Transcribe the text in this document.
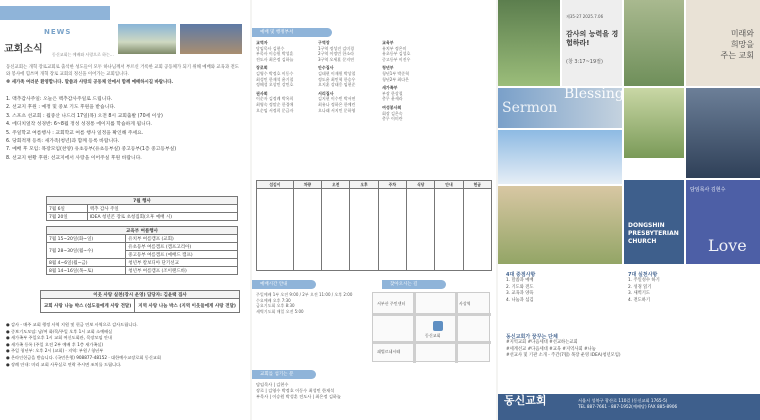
NEWS
교회소식 동신교회는 예배와 사랑으로 하는...
동신교회는 개혁 장로교회로 출석한 성도들이 모두 하나님께서 부르신 거룩한 교회 공동체가 되기 위해 예배와 교육과 전도와 봉사에 힘쓰며 개혁 장로 교회의 정신을 이어가는 교회입니다.
※ 새가족 여러분 환영합니다. 말씀과 사랑의 공동체 안에서 함께 예배하시길 바랍니다.
1. 맥추감사주일: 오늘은 맥추감사주일로 드립니다.
2. 선교지 후원 : 예정 및 중보 기도 후원을 받습니다.
3. 스포츠 선교회 : 월중산 나드리 17일(목) 오전 8시 교회출발 (70세 이상)
4. 에디치얼작 성경반: 6~8월 정성 성경통 에이지를 학습하게 됩니다.
5. 주일학교 여름행사 : 교회학교 여름 행사 일정을 확인해 주세요.
6. 당회적재 등록: 새가족(청년)과 함께 등록 바랍니다.
7. 예배 후 모임: 목장모임(찬양) 유초등부(유초등부실) 중고등부(1층 중고등부실)
8. 선교지 현황 후원: 선교지에서 사랑을 이어주실 후원 바랍니다.
7월 행사	
7월 6일	맥추 감사 주일
7월 20일	IDEA 청년콘 장로 초청집회(오후 예배 시)
교육부 여름행사	
7월 15~20일(화~일)	유치부 여름캠프 (교회)
7월 28~30일(월~수)	유초등부 여름캠프 (캠프고리아)
	중고등부 여름캠프 (예배드 캠프)
8월 4~6일(월~금)	청년부 칼보디아 단기선교
8월 14~16일(목~토)	청년부 여름캠프 (조이랜드바)
이웃 사랑 실천(장시 운영) 담당자: 김윤택 집사
교회 사랑 나눔 박스 (섬도들에게 사랑 전달)	지역 사랑 나눔 박스 (지역 이웃들에게 사랑 전달)
● 감사 - 매주 교회 행정 사역 지원 및 헌금 연보 사역으로 감사드립니다.
● 중보기도모임: 남/여 화/목/주일 오후 1시 교회 소예배실
● 새가족부 주일오후 1시 교회 여신도회관, 목장모임 안내
● 새가족 등록 (주일 오전 2부 예배 후 1층 새가족실)
● 주일 청년부: 오후 2시 (교회) · 지역: 부원 / 청년부
● 온라인헌금을 받습니다. (국민은행) 908877-48152 · 대한예수교장로회 동신교회
● 장례 안내: 미리 교회 사무실로 연락 주시면 조치를 드립니다.
예배 및 행정부서
교역자
담임목사 김현수
부목사 이승원 박성훈
전도사 최은정 김하늘
장로회
김영수 박정호 이동수
최성민 한재석 윤기철
정해성 오상민 강민호
권사회
이순자 김정례 박옥희
최영숙 정말순 한경애
오순임 서정희 문금자
구역장
1구역 정성진 김미경
2구역 이정민 한소라
3구역 오세훈 문지연
안수집사
김태현 이재원 박상철
정도윤 최민혁 한승우
오지훈 강태웅 임현준
서리집사
김지현 이수빈 박서연
최유나 정하은 한예린
오나래 서지민 문하영
교육부
유치부 정은미
유초등부 김성호
중고등부 이진우
청년부
청년1부 박준혁
청년2부 최다은
새가족부
부장 한상철
총무 윤세라
여성봉사회
회장 김은숙
총무 이미란
섬김이	차량	오전	오후	주차	식당	안내	헌금

예배시간 안내
주일예배 1부 오전 9:00 / 2부 오전 11:00 / 오후 2:00
수요예배 오후 7:30
금요기도회 오후 8:30
새벽기도회 매일 오전 5:00
찾아오시는 길
동신교회
서부산 주민센터	사상역
괘법르네시떼
교회를 섬기는 분
담임목사 | 김현수
장로 | 김영수 박정호 이동수 최성민 한재석
부목사 | 이승원 박성훈 전도사 | 최은정 김하늘
제35-27 2025.7.06
감사의 능력을 경험하라!
(창 3:17~19절)
미래와
희망을
주는 교회
Blessing
Sermon
Worship
DONGSHIN PRESBYTERIAN CHURCH
담임목사 김현수
Love
4대 중점사항
1. 말씀과 예배
2. 기도와 전도
3. 교육과 양육
4. 나눔과 섬김
7대 실천사항
1. 주일성수 하기
2. 성경 읽기
3. 새벽기도
4. 전도하기
동신교회가 꿈꾸는 단체
#지역교회 #다음세대 #선교하는교회
#세계선교 #다음세대 #교육 #지역사회 #나눔
#선교사 및 기관 소개 - 주간(7월) 목장 운영 IDEA(청년모임)
동신교회	서울시 성북구 광산로 110길 (동신교회 1765-5)
TEL 887-7661 · 887-1952(예배당) FAX 885-8906
